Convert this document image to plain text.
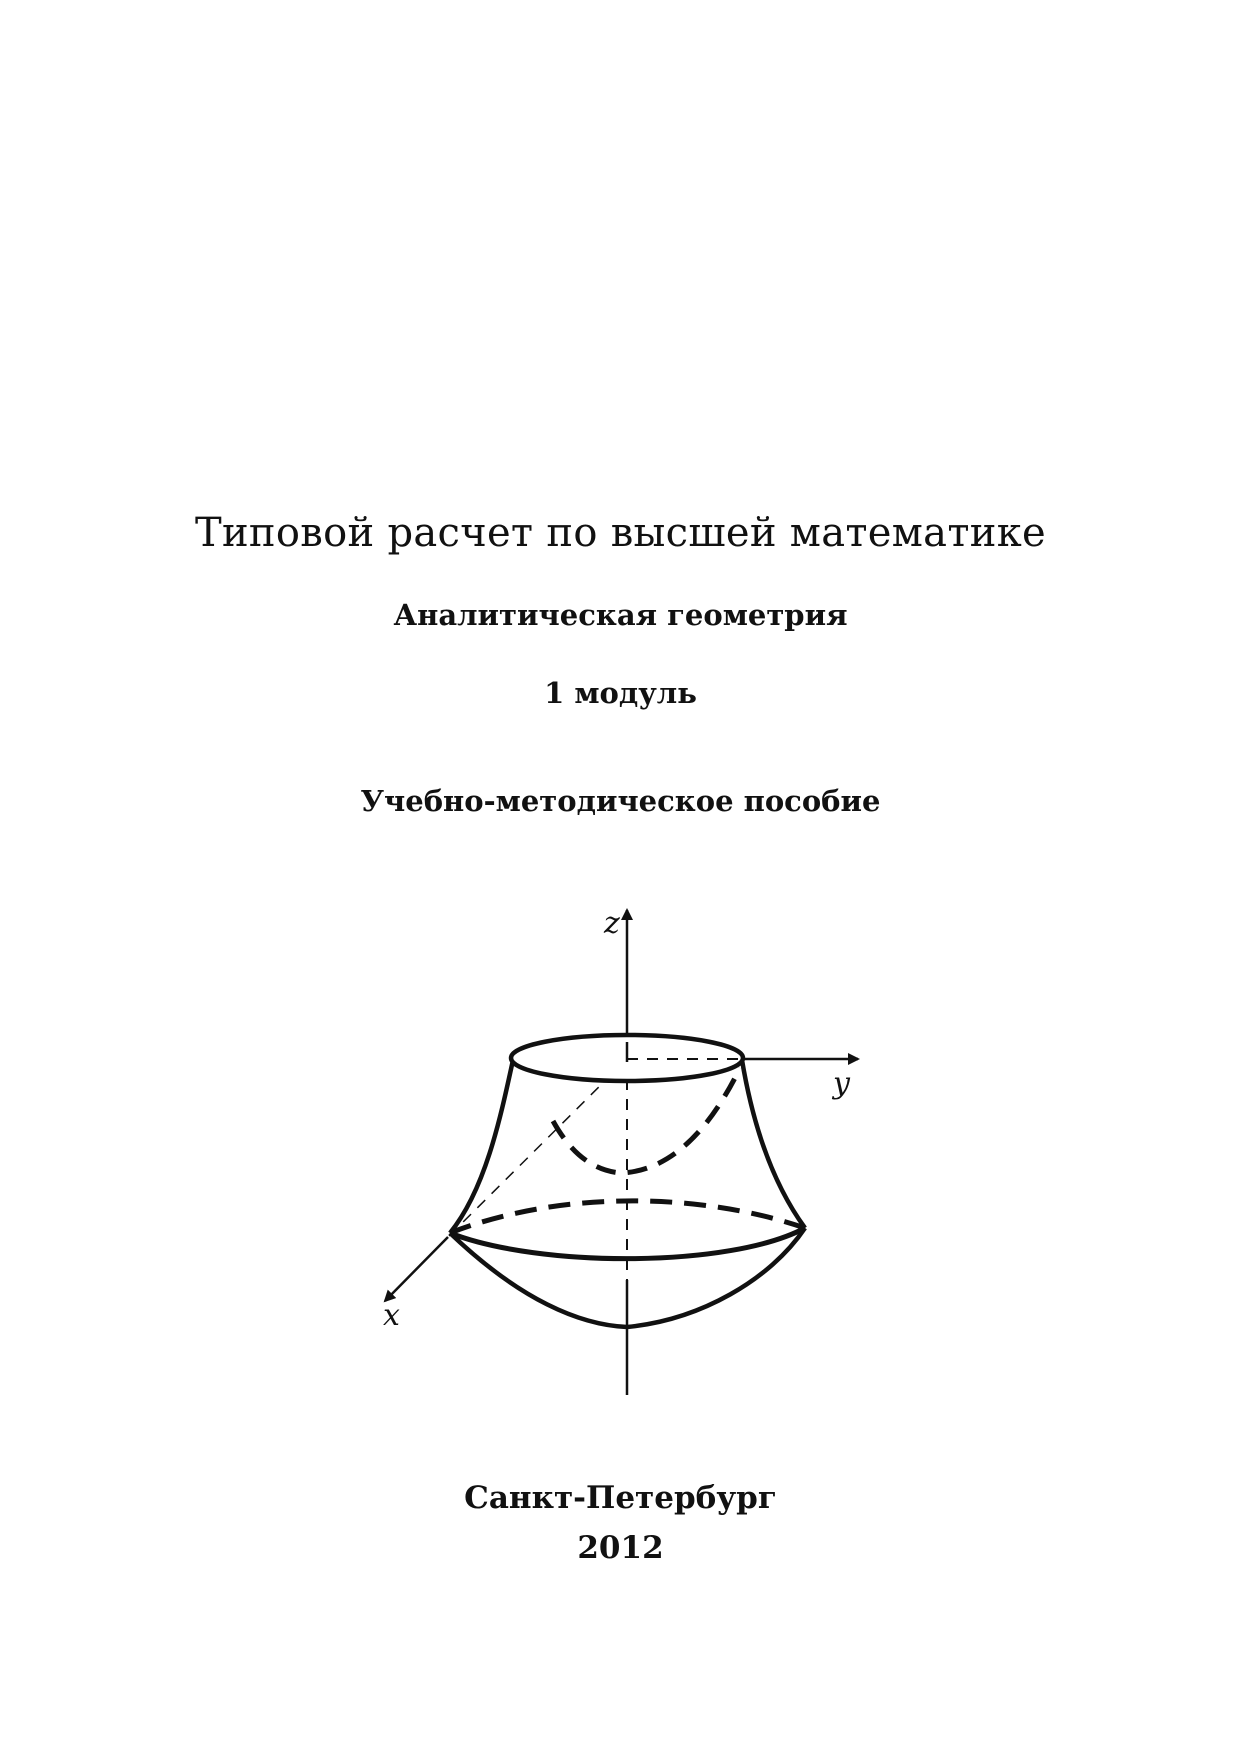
Типовой расчет по высшей математике
Аналитическая геометрия
1 модуль
Учебно-методическое пособие
z
y
x
Санкт-Петербург
2012
